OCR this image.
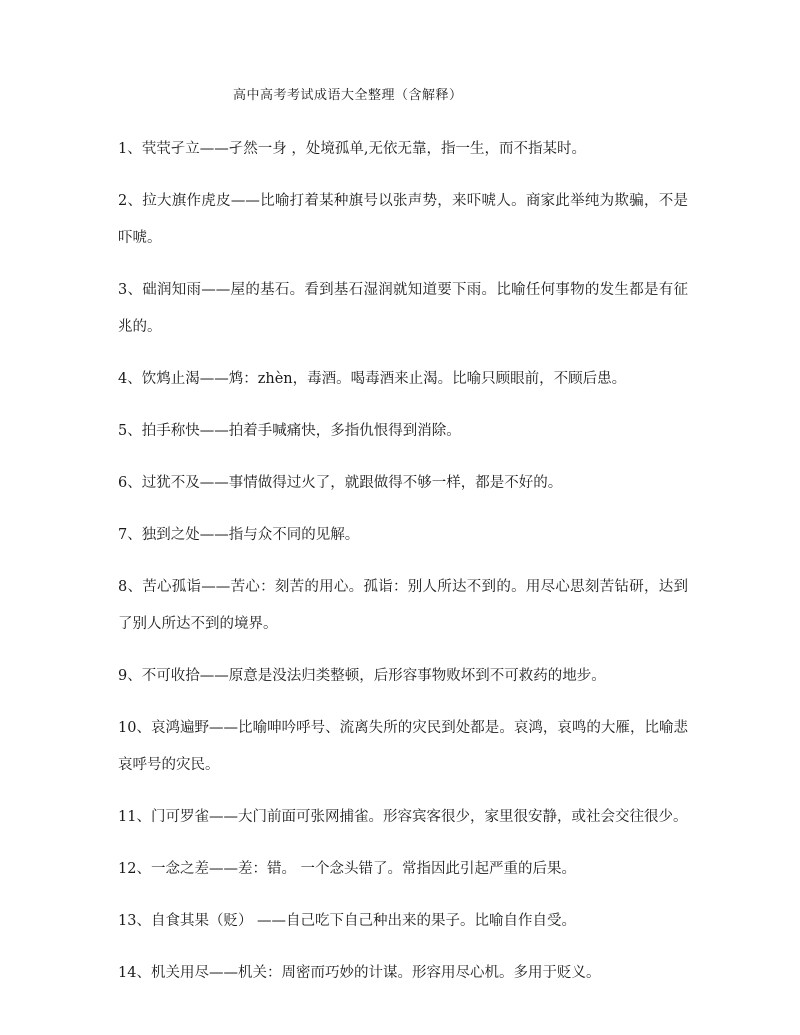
高中高考考试成语大全整理（含解释）
1、茕茕孑立——孑然一身 ，处境孤单,无依无靠，指一生，而不指某时。
2、拉大旗作虎皮——比喻打着某种旗号以张声势，来吓唬人。商家此举纯为欺骗，不是吓唬。
3、础润知雨——屋的基石。看到基石湿润就知道要下雨。比喻任何事物的发生都是有征兆的。
4、饮鸩止渴——鸩：zhèn，毒酒。喝毒酒来止渴。比喻只顾眼前，不顾后患。
5、拍手称快——拍着手喊痛快，多指仇恨得到消除。
6、过犹不及——事情做得过火了，就跟做得不够一样，都是不好的。
7、独到之处——指与众不同的见解。
8、苦心孤诣——苦心：刻苦的用心。孤诣：别人所达不到的。用尽心思刻苦钻研，达到了别人所达不到的境界。
9、不可收拾——原意是没法归类整顿，后形容事物败坏到不可救药的地步。
10、哀鸿遍野——比喻呻吟呼号、流离失所的灾民到处都是。哀鸿，哀鸣的大雁，比喻悲哀呼号的灾民。
11、门可罗雀——大门前面可张网捕雀。形容宾客很少，家里很安静，或社会交往很少。
12、一念之差——差：错。 一个念头错了。常指因此引起严重的后果。
13、自食其果（贬） ——自己吃下自己种出来的果子。比喻自作自受。
14、机关用尽——机关：周密而巧妙的计谋。形容用尽心机。多用于贬义。
